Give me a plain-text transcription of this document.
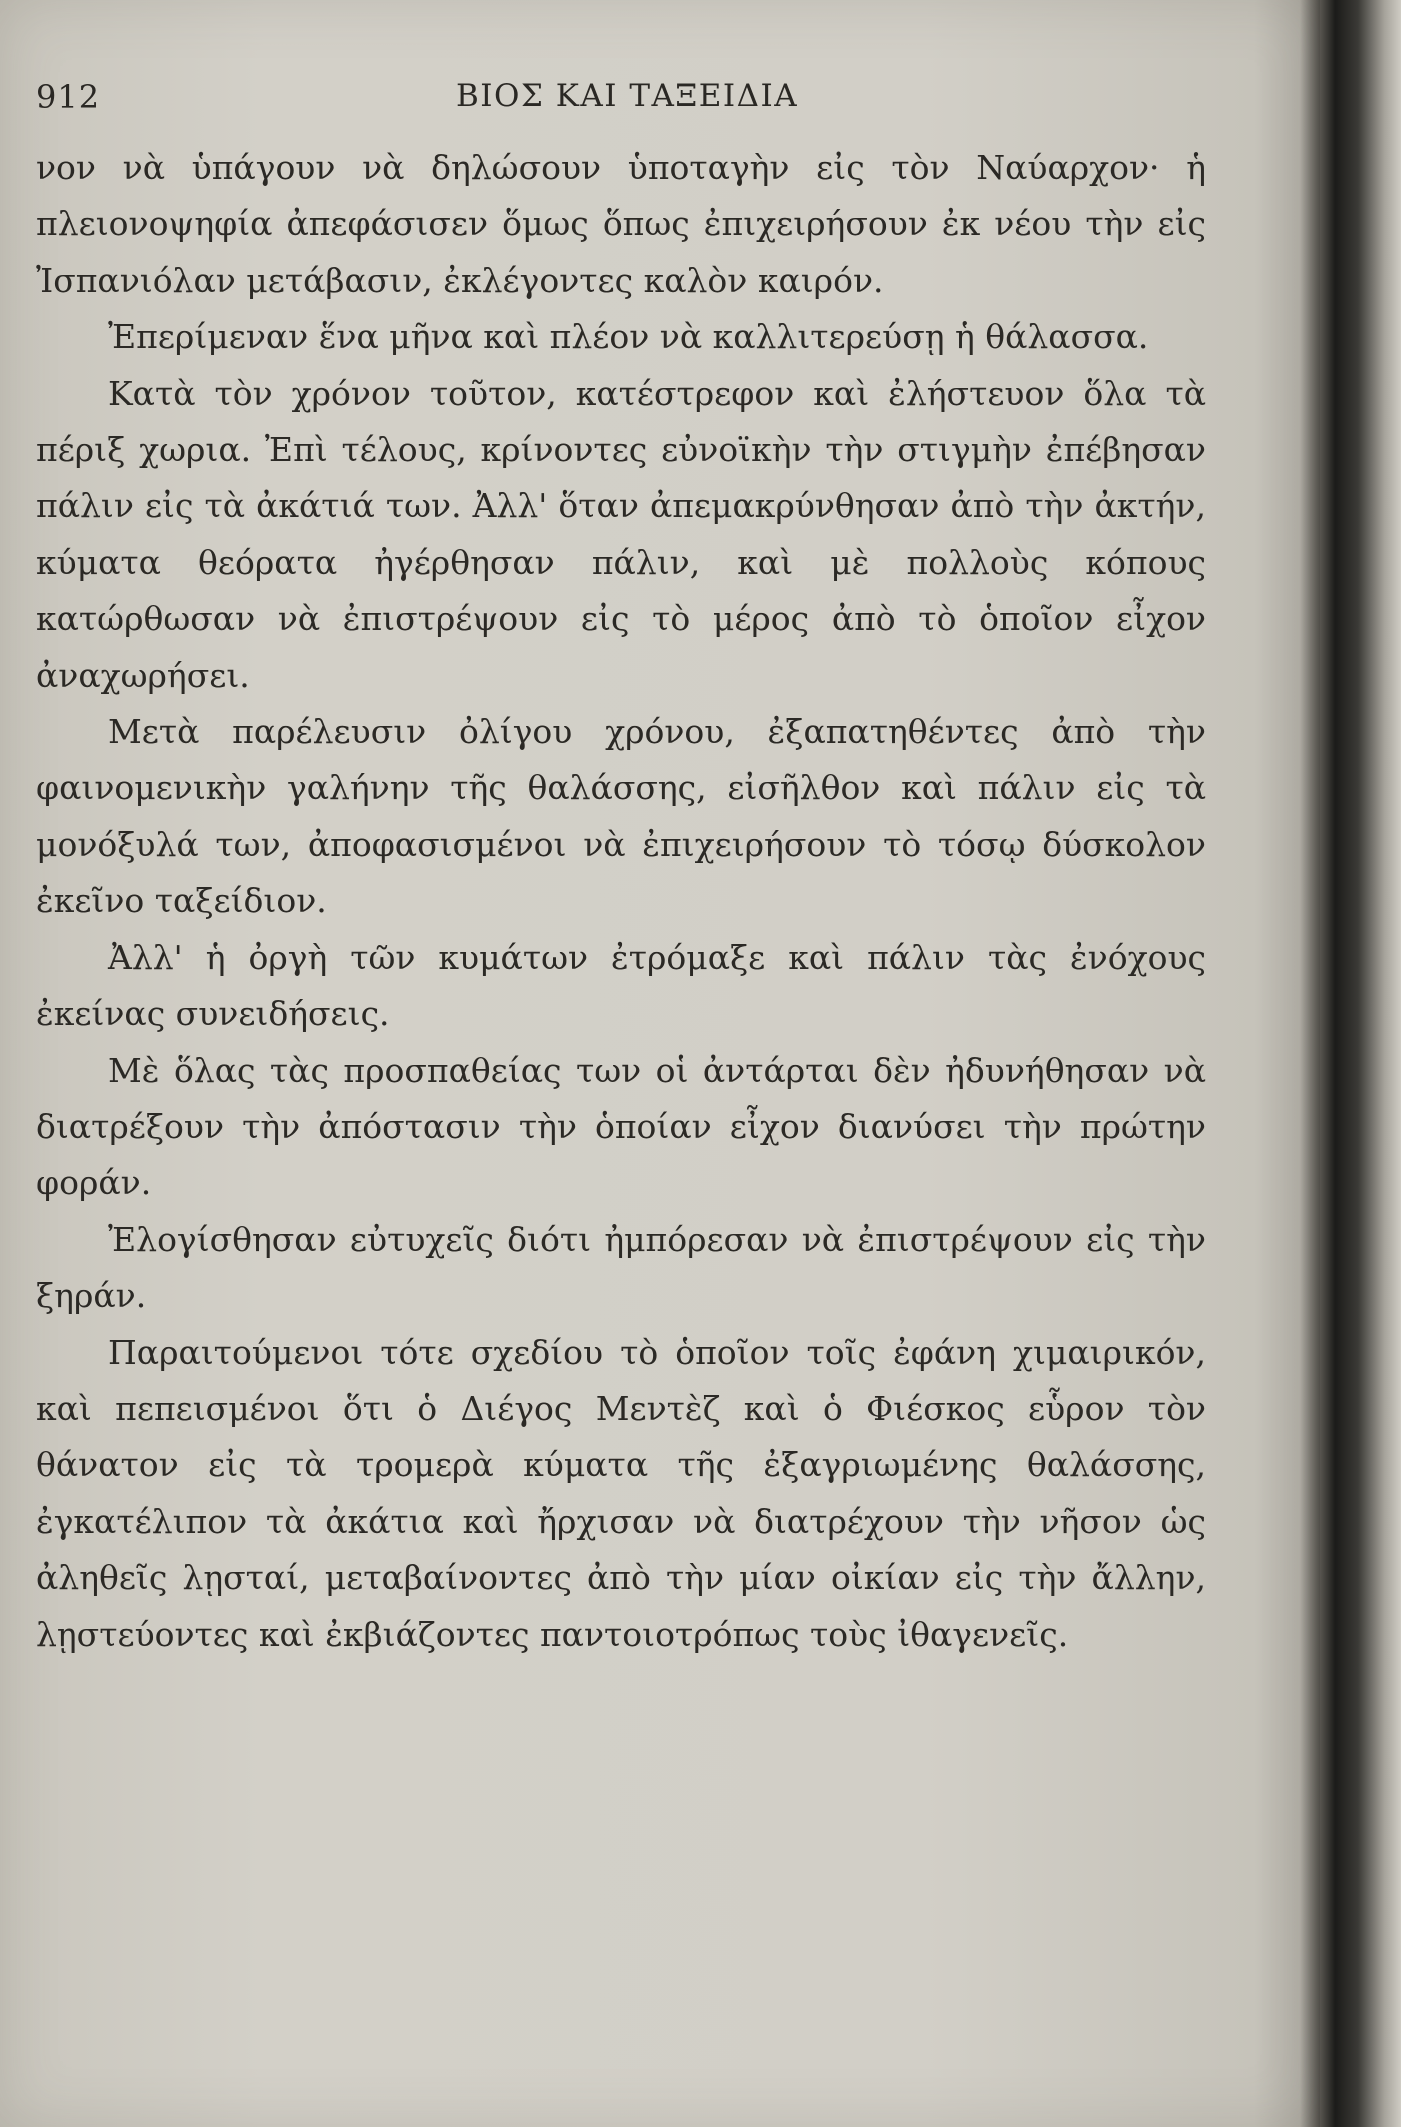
912	ΒΙΟΣ ΚΑΙ ΤΑΞΕΙΔΙΑ

νον νὰ ὑπάγουν νὰ δηλώσουν ὑποταγὴν εἰς τὸν Ναύαρχον· ἡ πλειονοψηφία ἀπεφάσισεν ὅμως ὅπως ἐπιχειρήσουν ἐκ νέου τὴν εἰς Ἰσπανιόλαν μετάβασιν, ἐκλέγοντες καλὸν καιρόν.

Ἐπερίμεναν ἕνα μῆνα καὶ πλέον νὰ καλλιτερεύσῃ ἡ θάλασσα.

Κατὰ τὸν χρόνον τοῦτον, κατέστρεφον καὶ ἐλήστευον ὅλα τὰ πέριξ χωρια. Ἐπὶ τέλους, κρίνοντες εὐνοϊκὴν τὴν στιγμὴν ἐπέβησαν πάλιν εἰς τὰ ἀκάτιά των. Ἀλλ' ὅταν ἀπεμακρύνθησαν ἀπὸ τὴν ἀκτήν, κύματα θεόρατα ἠγέρθησαν πάλιν, καὶ μὲ πολλοὺς κόπους κατώρθωσαν νὰ ἐπιστρέψουν εἰς τὸ μέρος ἀπὸ τὸ ὁποῖον εἶχον ἀναχωρήσει.

Μετὰ παρέλευσιν ὀλίγου χρόνου, ἐξαπατηθέντες ἀπὸ τὴν φαινομενικὴν γαλήνην τῆς θαλάσσης, εἰσῆλθον καὶ πάλιν εἰς τὰ μονόξυλά των, ἀποφασισμένοι νὰ ἐπιχειρήσουν τὸ τόσῳ δύσκολον ἐκεῖνο ταξείδιον.

Ἀλλ' ἡ ὀργὴ τῶν κυμάτων ἐτρόμαξε καὶ πάλιν τὰς ἐνόχους ἐκείνας συνειδήσεις.

Μὲ ὅλας τὰς προσπαθείας των οἱ ἀντάρται δὲν ἠδυνήθησαν νὰ διατρέξουν τὴν ἀπόστασιν τὴν ὁποίαν εἶχον διανύσει τὴν πρώτην φοράν.

Ἐλογίσθησαν εὐτυχεῖς διότι ἠμπόρεσαν νὰ ἐπιστρέψουν εἰς τὴν ξηράν.

Παραιτούμενοι τότε σχεδίου τὸ ὁποῖον τοῖς ἐφάνη χιμαιρικόν, καὶ πεπεισμένοι ὅτι ὁ Διέγος Μεντὲζ καὶ ὁ Φιέσκος εὗρον τὸν θάνατον εἰς τὰ τρομερὰ κύματα τῆς ἐξαγριωμένης θαλάσσης, ἐγκατέλιπον τὰ ἀκάτια καὶ ἤρχισαν νὰ διατρέχουν τὴν νῆσον ὡς ἀληθεῖς λῃσταί, μεταβαίνοντες ἀπὸ τὴν μίαν οἰκίαν εἰς τὴν ἄλλην, λῃστεύοντες καὶ ἐκβιάζοντες παντοιοτρόπως τοὺς ἰθαγενεῖς.
